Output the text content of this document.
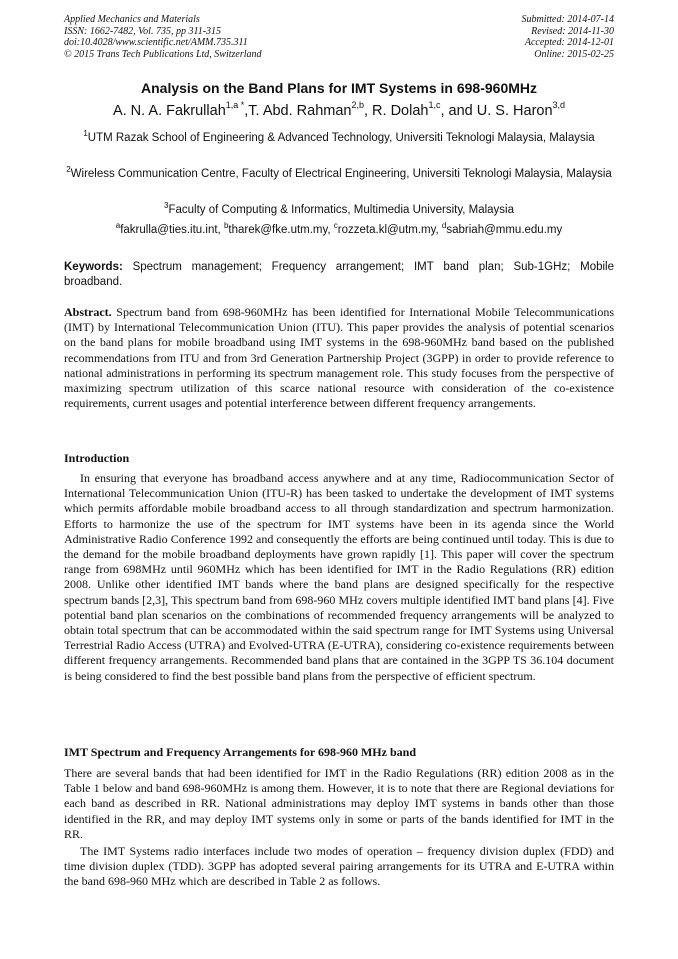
Applied Mechanics and Materials
ISSN: 1662-7482, Vol. 735, pp 311-315
doi:10.4028/www.scientific.net/AMM.735.311
© 2015 Trans Tech Publications Ltd, Switzerland
Submitted: 2014-07-14
Revised: 2014-11-30
Accepted: 2014-12-01
Online: 2015-02-25
Analysis on the Band Plans for IMT Systems in 698-960MHz
A. N. A. Fakrullah$^{1,a *}$,T. Abd. Rahman$^{2,b}$, R. Dolah$^{1,c}$, and U. S. Haron$^{3,d}$
$^1$UTM Razak School of Engineering & Advanced Technology, Universiti Teknologi Malaysia, Malaysia
$^2$Wireless Communication Centre, Faculty of Electrical Engineering, Universiti Teknologi Malaysia, Malaysia
$^3$Faculty of Computing & Informatics, Multimedia University, Malaysia
$^a$fakrulla@ties.itu.int, $^b$tharek@fke.utm.my, $^c$rozzeta.kl@utm.my, $^d$sabriah@mmu.edu.my
Keywords: Spectrum management; Frequency arrangement; IMT band plan; Sub-1GHz; Mobile broadband.
Abstract. Spectrum band from 698-960MHz has been identified for International Mobile Telecommunications (IMT) by International Telecommunication Union (ITU). This paper provides the analysis of potential scenarios on the band plans for mobile broadband using IMT systems in the 698-960MHz band based on the published recommendations from ITU and from 3rd Generation Partnership Project (3GPP) in order to provide reference to national administrations in performing its spectrum management role. This study focuses from the perspective of maximizing spectrum utilization of this scarce national resource with consideration of the co-existence requirements, current usages and potential interference between different frequency arrangements.
Introduction
In ensuring that everyone has broadband access anywhere and at any time, Radiocommunication Sector of International Telecommunication Union (ITU-R) has been tasked to undertake the development of IMT systems which permits affordable mobile broadband access to all through standardization and spectrum harmonization. Efforts to harmonize the use of the spectrum for IMT systems have been in its agenda since the World Administrative Radio Conference 1992 and consequently the efforts are being continued until today. This is due to the demand for the mobile broadband deployments have grown rapidly [1]. This paper will cover the spectrum range from 698MHz until 960MHz which has been identified for IMT in the Radio Regulations (RR) edition 2008. Unlike other identified IMT bands where the band plans are designed specifically for the respective spectrum bands [2,3], This spectrum band from 698-960 MHz covers multiple identified IMT band plans [4]. Five potential band plan scenarios on the combinations of recommended frequency arrangements will be analyzed to obtain total spectrum that can be accommodated within the said spectrum range for IMT Systems using Universal Terrestrial Radio Access (UTRA) and Evolved-UTRA (E-UTRA), considering co-existence requirements between different frequency arrangements. Recommended band plans that are contained in the 3GPP TS 36.104 document is being considered to find the best possible band plans from the perspective of efficient spectrum.
IMT Spectrum and Frequency Arrangements for 698-960 MHz band
There are several bands that had been identified for IMT in the Radio Regulations (RR) edition 2008 as in the Table 1 below and band 698-960MHz is among them. However, it is to note that there are Regional deviations for each band as described in RR. National administrations may deploy IMT systems in bands other than those identified in the RR, and may deploy IMT systems only in some or parts of the bands identified for IMT in the RR.
The IMT Systems radio interfaces include two modes of operation – frequency division duplex (FDD) and time division duplex (TDD). 3GPP has adopted several pairing arrangements for its UTRA and E-UTRA within the band 698-960 MHz which are described in Table 2 as follows.
